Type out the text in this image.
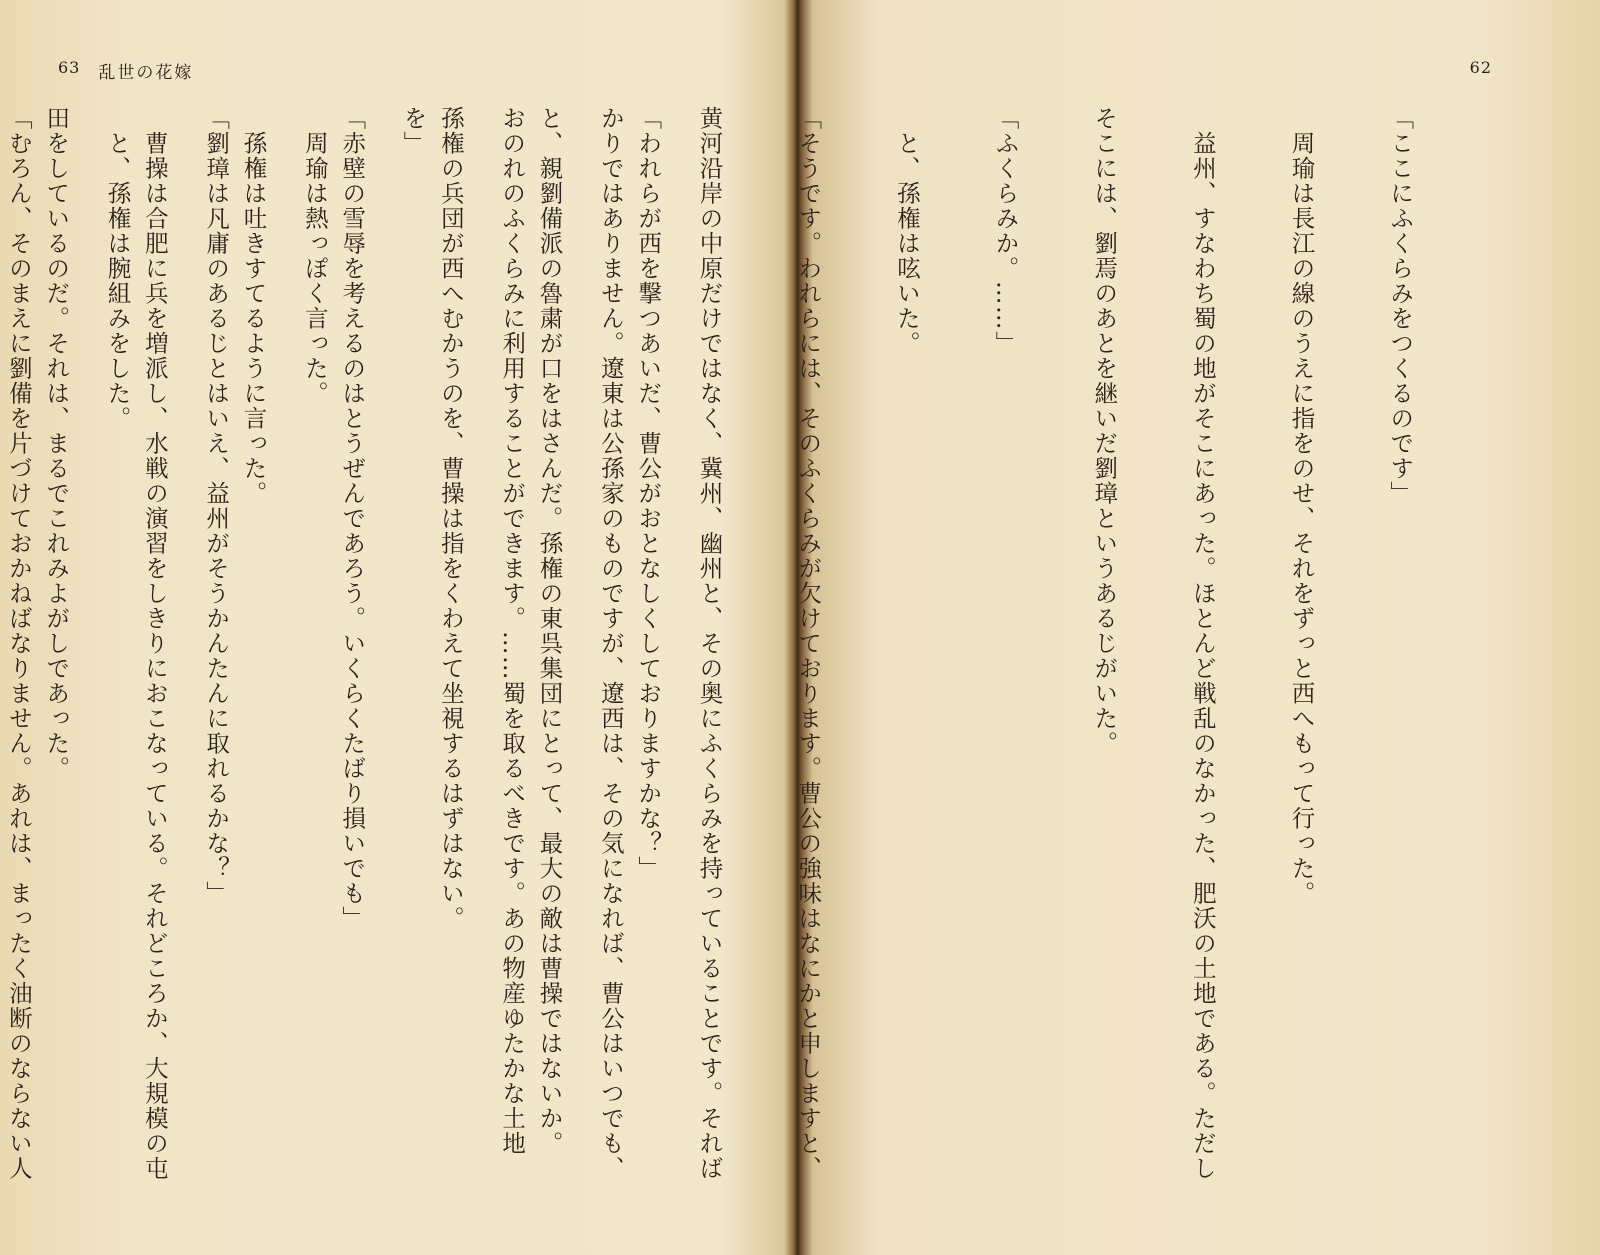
63 乱世の花嫁

「われらが西を撃つあいだ、曹公がおとなしくしておりますかな？」

と、親劉備派の魯粛が口をはさんだ。孫権の東呉集団にとって、最大の敵は曹操ではないか。

孫権の兵団が西へむかうのを、曹操は指をくわえて坐視するはずはない。

「赤壁の雪辱を考えるのはとうぜんであろう。いくらくたばり損いでも」

　孫権は吐きすてるように言った。

　曹操は合肥に兵を増派し、水戦の演習をしきりにおこなっている。それどころか、大規模の屯

田をしているのだ。それは、まるでこれみよがしであった。

62

「ここにふくらみをつくるのです」

　周瑜は長江の線のうえに指をのせ、それをずっと西へもって行った。

　益州、すなわち蜀の地がそこにあった。ほとんど戦乱のなかった、肥沃の土地である。ただし

そこには、劉焉のあとを継いだ劉璋というあるじがいた。

「ふくらみか。……」

　と、孫権は呟いた。

「そうです。われらには、そのふくらみが欠けております。曹公の強味はなにかと申しますと、

黄河沿岸の中原だけではなく、冀州、幽州と、その奥にふくらみを持っていることです。それば

かりではありません。遼東は公孫家のものですが、遼西は、その気になれば、曹公はいつでも、

おのれのふくらみに利用することができます。……蜀を取るべきです。あの物産ゆたかな土地

を」

　周瑜は熱っぽく言った。

「劉璋は凡庸のあるじとはいえ、益州がそうかんたんに取れるかな？」

　と、孫権は腕組みをした。

「むろん、そのまえに劉備を片づけておかねばなりません。あれは、まったく油断のならない人
